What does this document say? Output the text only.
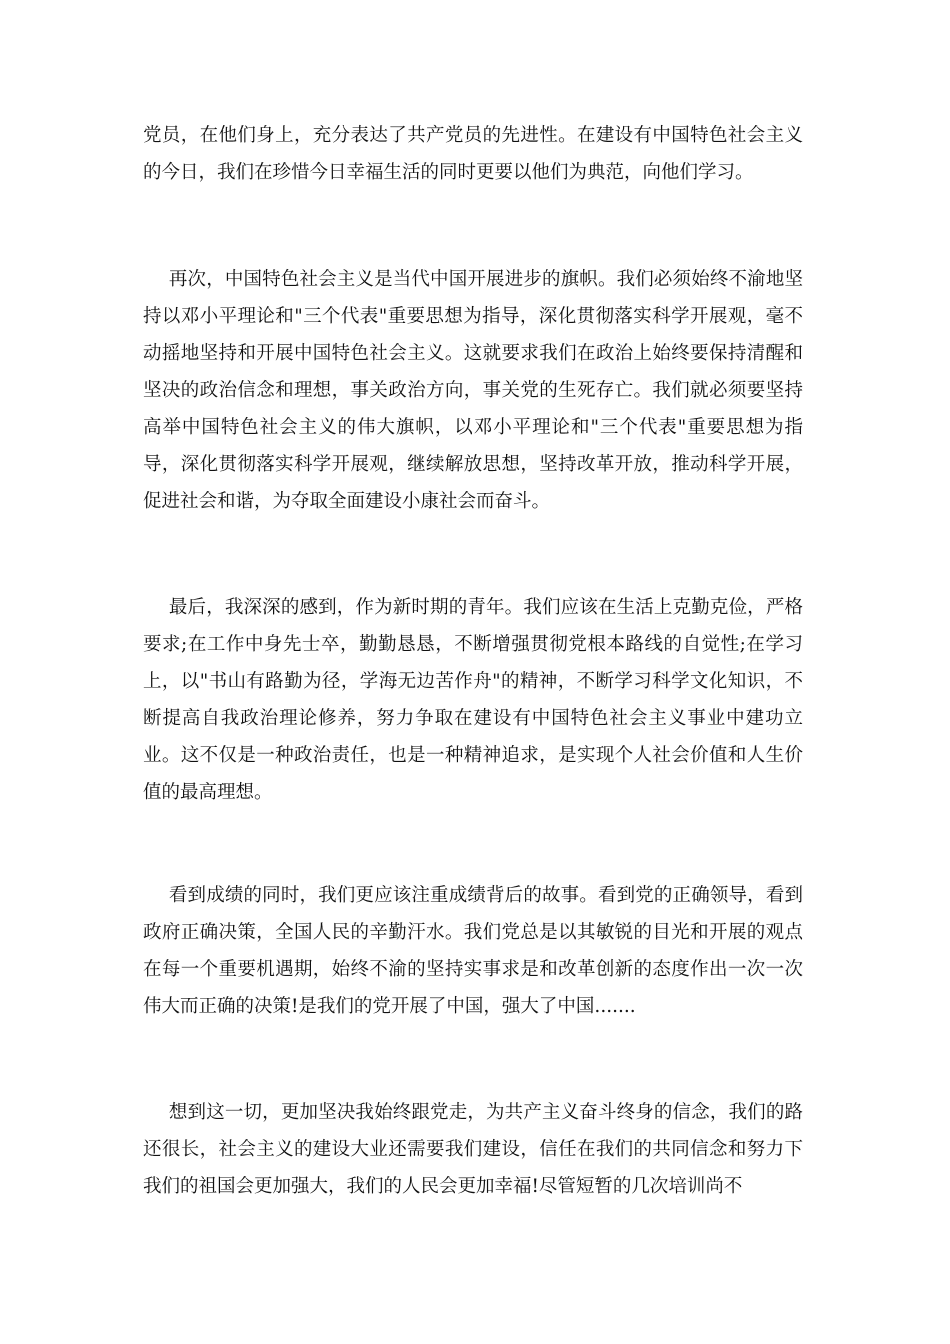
党员，在他们身上，充分表达了共产党员的先进性。在建设有中国特色社会主义的今日，我们在珍惜今日幸福生活的同时更要以他们为典范，向他们学习。

再次，中国特色社会主义是当代中国开展进步的旗帜。我们必须始终不渝地坚持以邓小平理论和"三个代表"重要思想为指导，深化贯彻落实科学开展观，毫不动摇地坚持和开展中国特色社会主义。这就要求我们在政治上始终要保持清醒和坚决的政治信念和理想，事关政治方向，事关党的生死存亡。我们就必须要坚持高举中国特色社会主义的伟大旗帜，以邓小平理论和"三个代表"重要思想为指导，深化贯彻落实科学开展观，继续解放思想，坚持改革开放，推动科学开展，促进社会和谐，为夺取全面建设小康社会而奋斗。

最后，我深深的感到，作为新时期的青年。我们应该在生活上克勤克俭，严格要求;在工作中身先士卒，勤勤恳恳，不断增强贯彻党根本路线的自觉性;在学习上，以"书山有路勤为径，学海无边苦作舟"的精神，不断学习科学文化知识，不断提高自我政治理论修养，努力争取在建设有中国特色社会主义事业中建功立业。这不仅是一种政治责任，也是一种精神追求，是实现个人社会价值和人生价值的最高理想。

看到成绩的同时，我们更应该注重成绩背后的故事。看到党的正确领导，看到政府正确决策，全国人民的辛勤汗水。我们党总是以其敏锐的目光和开展的观点在每一个重要机遇期，始终不渝的坚持实事求是和改革创新的态度作出一次一次伟大而正确的决策!是我们的党开展了中国，强大了中国.......

想到这一切，更加坚决我始终跟党走，为共产主义奋斗终身的信念，我们的路还很长，社会主义的建设大业还需要我们建设，信任在我们的共同信念和努力下我们的祖国会更加强大，我们的人民会更加幸福!尽管短暂的几次培训尚不
